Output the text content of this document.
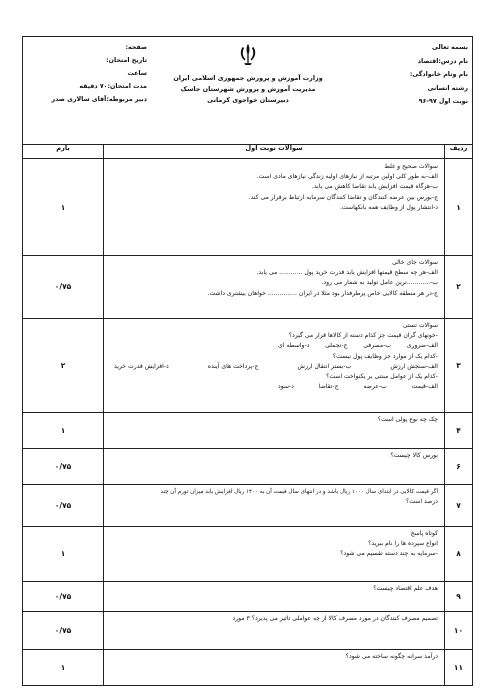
بسمه تعالی
نام درس:اقتصاد
نام ونام خانوادگی:
رشته انسانی
نوبت اول ۹۷-۹۶
وزارت آموزش و پرورش جمهوری اسلامی ایران
مدیریت آموزش و پرورش شهرستان جاسک
دبیرستان خواجوی کرمانی
صفحه:
تاریخ امتحان:
ساعت
مدت امتحان:۷۰ دقیقه
دبیر مربوطه:آقای سالاری صدر
ردیف
سوالات نوبت اول
بارم
۱
سوالات صحیح و غلط
الف-به طور کلی اولین مرتبه از نیازهای اولیه زندگی نیازهای مادی است.
ب-هرگاه قیمت افزایش یابد تقاضا کاهش می یابد.
ج-بورس بین عرضه کنندگان و تقاضا کنندگان سرمایه ارتباط برقرار می کند.
د-انتشار پول از وظایف همه بانکهاست.
۱
۲
سوالات جای خالی
الف-هر چه سطح قیمتها افزایش یابد قدرت خرید پول ............ می یابد.
ب-............ترین عامل تولید به شمار می رود.
ج-در هر منطقه کالایی خاص پرطرفدار بود مثلا در ایران ............... خواهان بیشتری داشت.
۰/۷۵
۳
سوالات تستی
-خونهای گران قیمت جز کدام دسته از کالاها قرار می گیرد؟
الف-ضروری
ب-مصرفی
ج-تجملی
د-واسطه ای
-کدام یک از موارد جز وظایف پول نیست؟
الف-سنجش ارزش
ب-بستر انتقال ارزش
ج-پرداخت های آینده
د-افزایش قدرت خرید
-کدام یک از عوامل مبتنی بر یکنواخت است؟
الف-قیمت
ب-عرضه
ج-تقاضا
د-سود
۲
۴
چک چه نوع پولی است؟
۱
۶
بورس کالا چیست؟
۰/۷۵
۷
اگر قیمت کالایی در ابتدای سال ۱۰۰۰ ریال باشد و در انتهای سال قیمت آن به ۱۴۰۰ ریال افزایش یابد میزان تورم آن چند
درصد است؟
۰/۷۵
۸
کوتاه پاسخ
انواع سپرده ها را نام ببرید؟
-سرمایه به چند دسته تقسیم می شود؟
۱
۹
هدف علم اقتصاد چیست؟
۰/۷۵
۱۰
تصمیم مصرف کنندگان در مورد مصرف کالا از چه عواملی تاثیر می پذیرد؟ ۳ مورد
۰/۷۵
۱۱
درآمد سرانه چگونه ساخته می شود؟
۱
